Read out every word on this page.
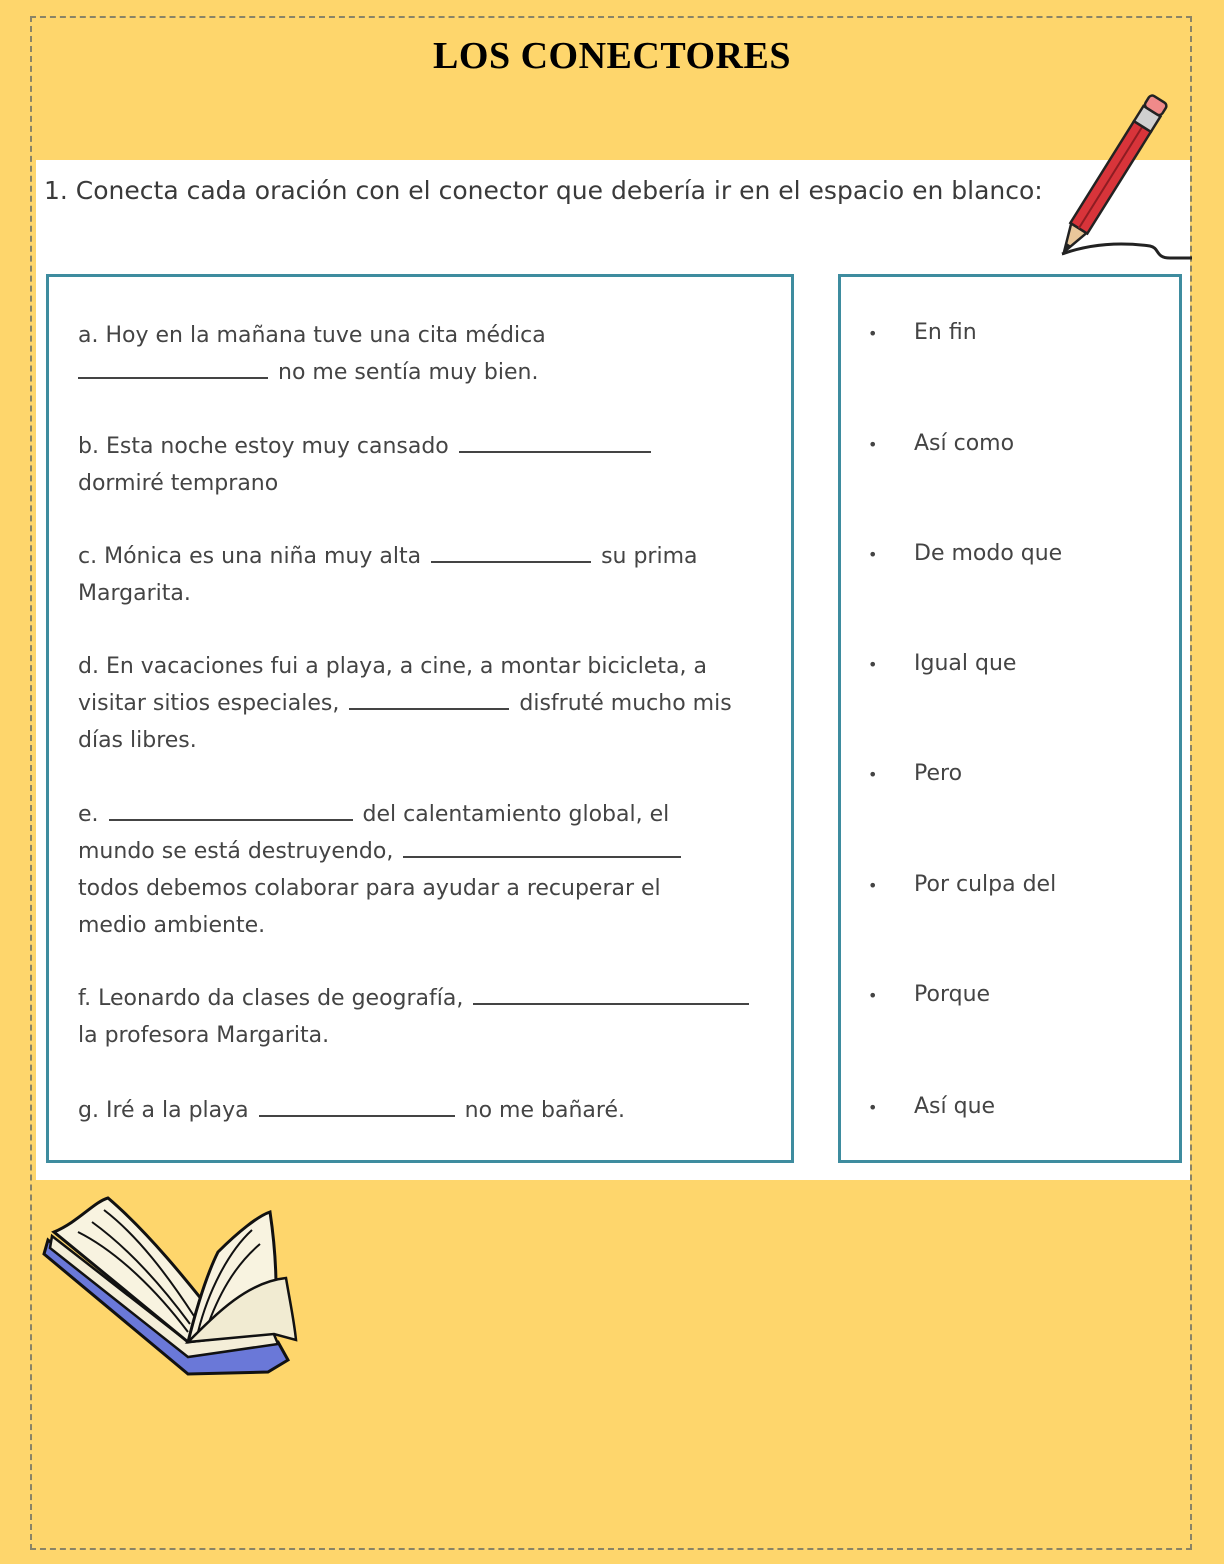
LOS CONECTORES
1. Conecta cada oración con el conector que debería ir en el espacio en blanco:
a. Hoy en la mañana tuve una cita médica
no me sentía muy bien.
b. Esta noche estoy muy cansado
dormiré temprano
c. Mónica es una niña muy alta	su prima
Margarita.
d. En vacaciones fui a playa, a cine, a montar bicicleta, a
visitar sitios especiales,	disfruté mucho mis
días libres.
e.	del calentamiento global, el
mundo se está destruyendo,
todos debemos colaborar para ayudar a recuperar el
medio ambiente.
f. Leonardo da clases de geografía,
la profesora Margarita.
g. Iré a la playa	no me bañaré.
• En fin
• Así como
• De modo que
• Igual que
• Pero
• Por culpa del
• Porque
• Así que
